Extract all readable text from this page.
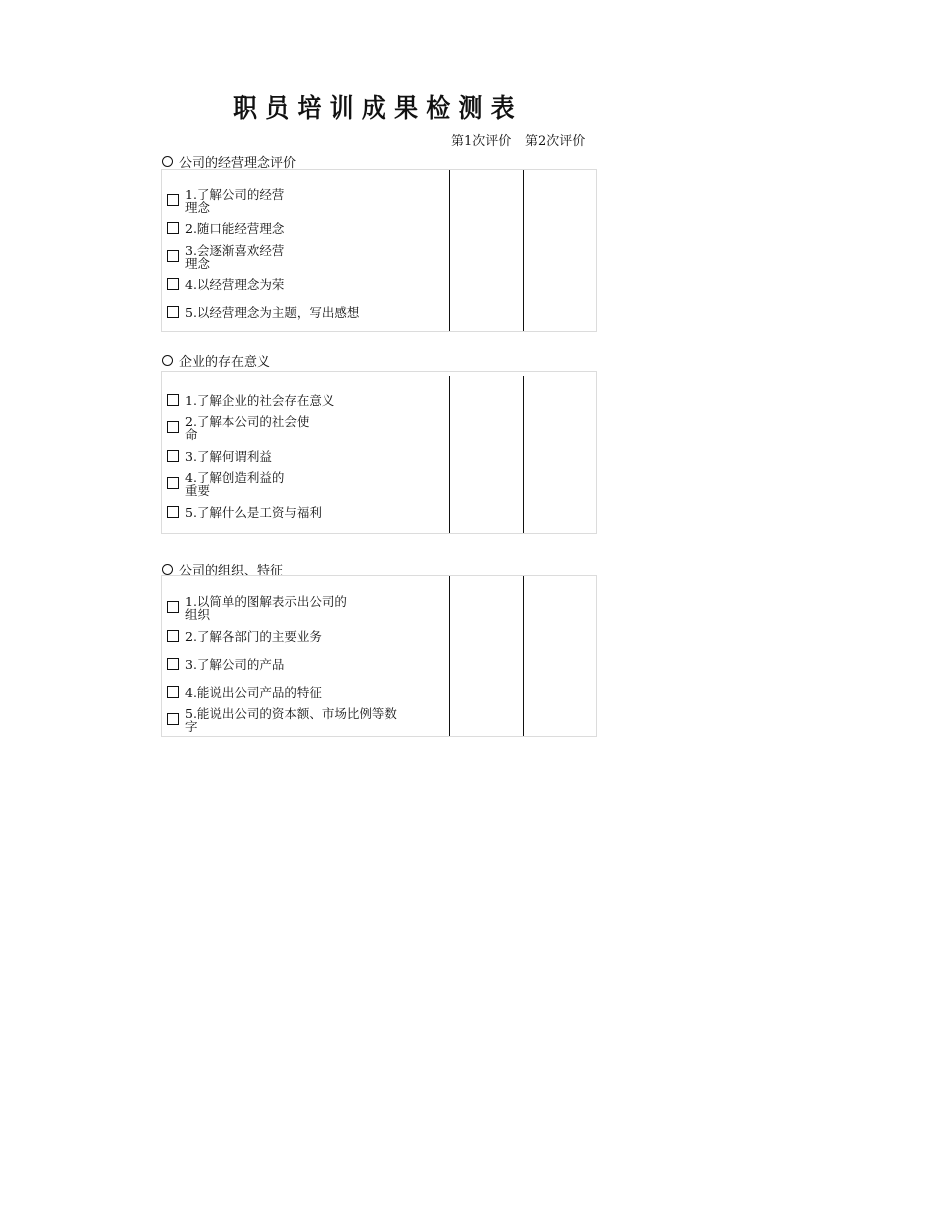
职员培训成果检测表
第1次评价 第2次评价
公司的经营理念评价
1.了解公司的经营
理念
2.随口能经营理念
3.会逐渐喜欢经营
理念
4.以经营理念为荣
5.以经营理念为主题，写出感想
企业的存在意义
1.了解企业的社会存在意义
2.了解本公司的社会使
命
3.了解何谓利益
4.了解创造利益的
重要
5.了解什么是工资与福利
公司的组织、特征
1.以简单的图解表示出公司的
组织
2.了解各部门的主要业务
3.了解公司的产品
4.能说出公司产品的特征
5.能说出公司的资本额、市场比例等数
字
